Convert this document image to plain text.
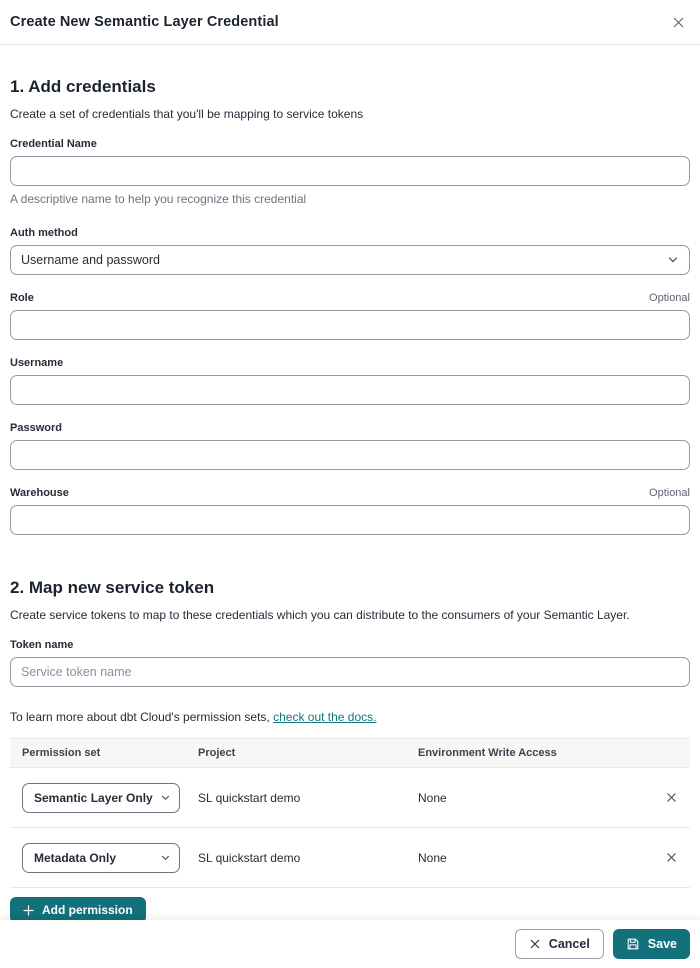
Create New Semantic Layer Credential
1. Add credentials
Create a set of credentials that you'll be mapping to service tokens
Credential Name
A descriptive name to help you recognize this credential
Auth method
Username and password
Role	Optional
Username
Password
Warehouse	Optional
2. Map new service token
Create service tokens to map to these credentials which you can distribute to the consumers of your Semantic Layer.
Token name
Service token name
To learn more about dbt Cloud's permission sets, check out the docs.
Permission set	Project	Environment Write Access
Semantic Layer Only	SL quickstart demo	None
Metadata Only	SL quickstart demo	None
Add permission
Cancel	Save
